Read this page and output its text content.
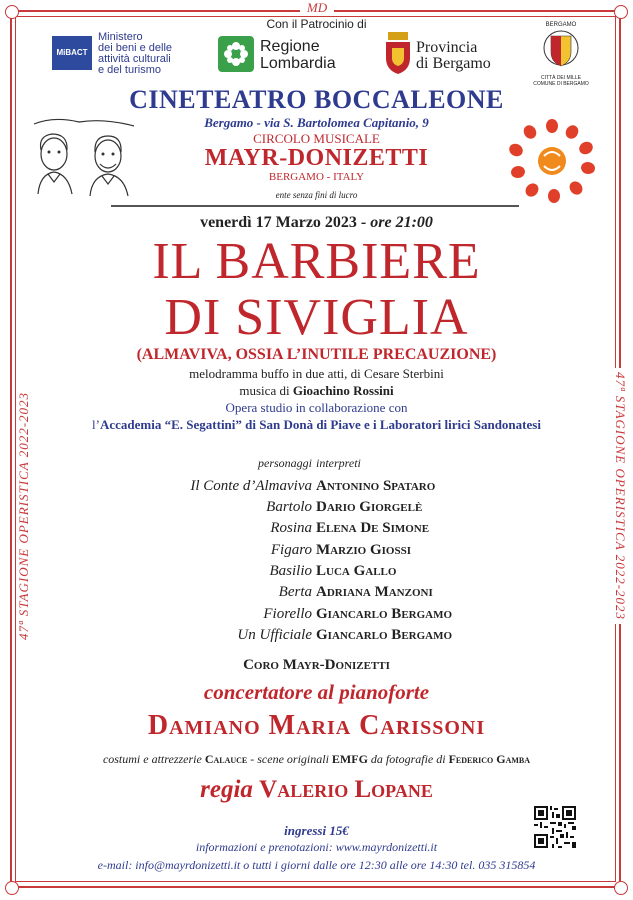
MD
Con il Patrocinio di
MiBACT
Ministero
dei beni e delle
attività culturali
e del turismo
Regione
Lombardia
Provincia
di Bergamo
BERGAMO
CITTÀ DEI MILLE
COMUNE DI BERGAMO
CINETEATRO BOCCALEONE
Bergamo - via S. Bartolomea Capitanio, 9
CIRCOLO MUSICALE
MAYR-DONIZETTI
BERGAMO - ITALY
ente senza fini di lucro
venerdì 17 Marzo 2023 - ore 21:00
IL BARBIERE
DI SIVIGLIA
(ALMAVIVA, OSSIA L’INUTILE PRECAUZIONE)
melodramma buffo in due atti, di Cesare Sterbini
musica di Gioachino Rossini
Opera studio in collaborazione con
l’Accademia “E. Segattini” di San Donà di Piave e i Laboratori lirici Sandonatesi
personaggi interpreti
Il Conte d’Almaviva Antonino Spataro
Bartolo Dario Giorgelè
Rosina Elena De Simone
Figaro Marzio Giossi
Basilio Luca Gallo
Berta Adriana Manzoni
Fiorello Giancarlo Bergamo
Un Ufficiale Giancarlo Bergamo
Coro Mayr-Donizetti
concertatore al pianoforte
Damiano Maria Carissoni
costumi e attrezzerie Calauce - scene originali EMFG da fotografie di Federico Gamba
regia Valerio Lopane
ingressi 15€
informazioni e prenotazioni: www.mayrdonizetti.it
e-mail: info@mayrdonizetti.it o tutti i giorni dalle ore 12:30 alle ore 14:30 tel. 035 315854
47ª STAGIONE OPERISTICA 2022-2023	47ª STAGIONE OPERISTICA 2022-2023
